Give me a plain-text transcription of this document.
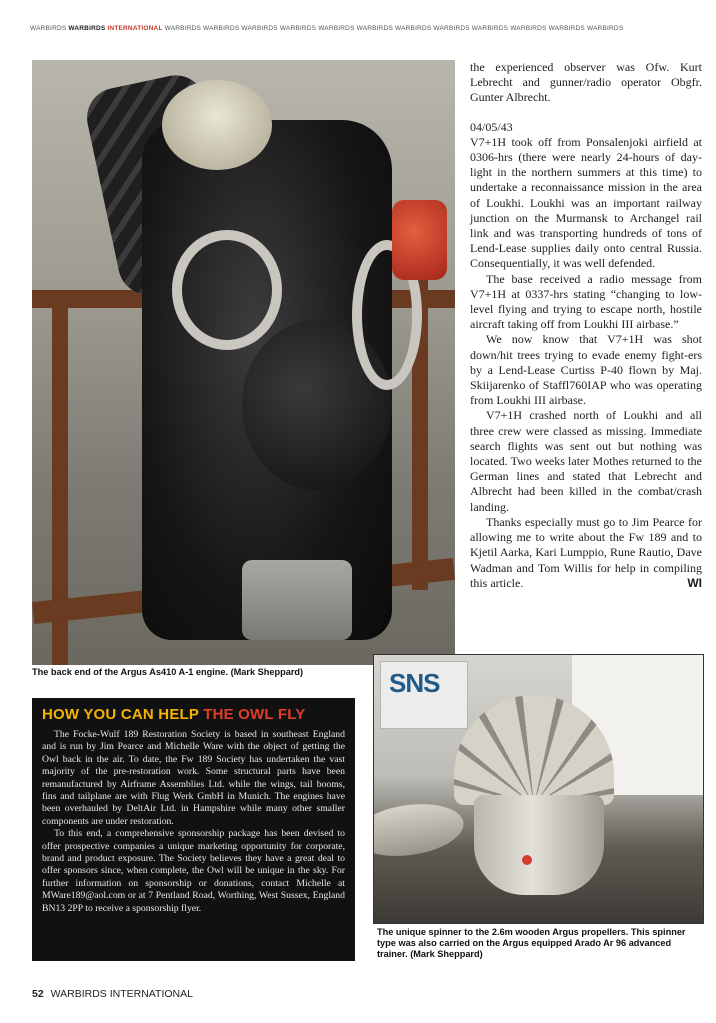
WARBIRDS WARBIRDS INTERNATIONAL WARBIRDS WARBIRDS WARBIRDS WARBIRDS WARBIRDS WARBIRDS WARBIRDS WARBIRDS WARBIRDS WARBIRDS WARBIRDS WARBIRDS
The back end of the Argus As410 A-1 engine. (Mark Sheppard)

the experienced observer was Ofw. Kurt Lebrecht and gunner/radio operator Obgfr. Gunter Albrecht.

04/05/43

V7+1H took off from Ponsalenjoki airfield at 0306-hrs (there were nearly 24-hours of day-light in the northern summers at this time) to undertake a reconnaissance mission in the area of Loukhi. Loukhi was an important railway junction on the Murmansk to Archangel rail link and was transporting hundreds of tons of Lend-Lease supplies daily onto central Russia. Consequentially, it was well defended.

The base received a radio message from V7+1H at 0337-hrs stating “changing to low-level flying and trying to escape north, hostile aircraft taking off from Loukhi III airbase.”

We now know that V7+1H was shot down/hit trees trying to evade enemy fight-ers by a Lend-Lease Curtiss P-40 flown by Maj. Skiijarenko of Staffl760IAP who was operating from Loukhi III airbase.

V7+1H crashed north of Loukhi and all three crew were classed as missing. Immediate search flights was sent out but nothing was located. Two weeks later Mothes returned to the German lines and stated that Lebrecht and Albrecht had been killed in the combat/crash landing.

Thanks especially must go to Jim Pearce for allowing me to write about the Fw 189 and to Kjetil Aarka, Kari Lumppio, Rune Rautio, Dave Wadman and Tom Willis for help in compiling this article.	WI

HOW YOU CAN HELP THE OWL FLY

The Focke-Wulf 189 Restoration Society is based in southeast England and is run by Jim Pearce and Michelle Ware with the object of getting the Owl back in the air. To date, the Fw 189 Society has undertaken the vast majority of the pre-restoration work. Some structural parts have been remanufactured by Airframe Assemblies Ltd. while the wings, tail booms, fins and tailplane are with Flug Werk GmbH in Munich. The engines have been overhauled by DeltAir Ltd. in Hampshire while many other smaller components are under restoration.

To this end, a comprehensive sponsorship package has been devised to offer prospective companies a unique marketing opportunity for corporate, brand and product exposure. The Society believes they have a great deal to offer sponsors since, when complete, the Owl will be unique in the sky. For further information on sponsorship or donations, contact Michelle at MWare189@aol.com or at 7 Pentland Road, Worthing, West Sussex, England BN13 2PP to receive a sponsorship flyer.

SNS
The unique spinner to the 2.6m wooden Argus propellers. This spinner type was also carried on the Argus equipped Arado Ar 96 advanced trainer. (Mark Sheppard)
52 WARBIRDS INTERNATIONAL
